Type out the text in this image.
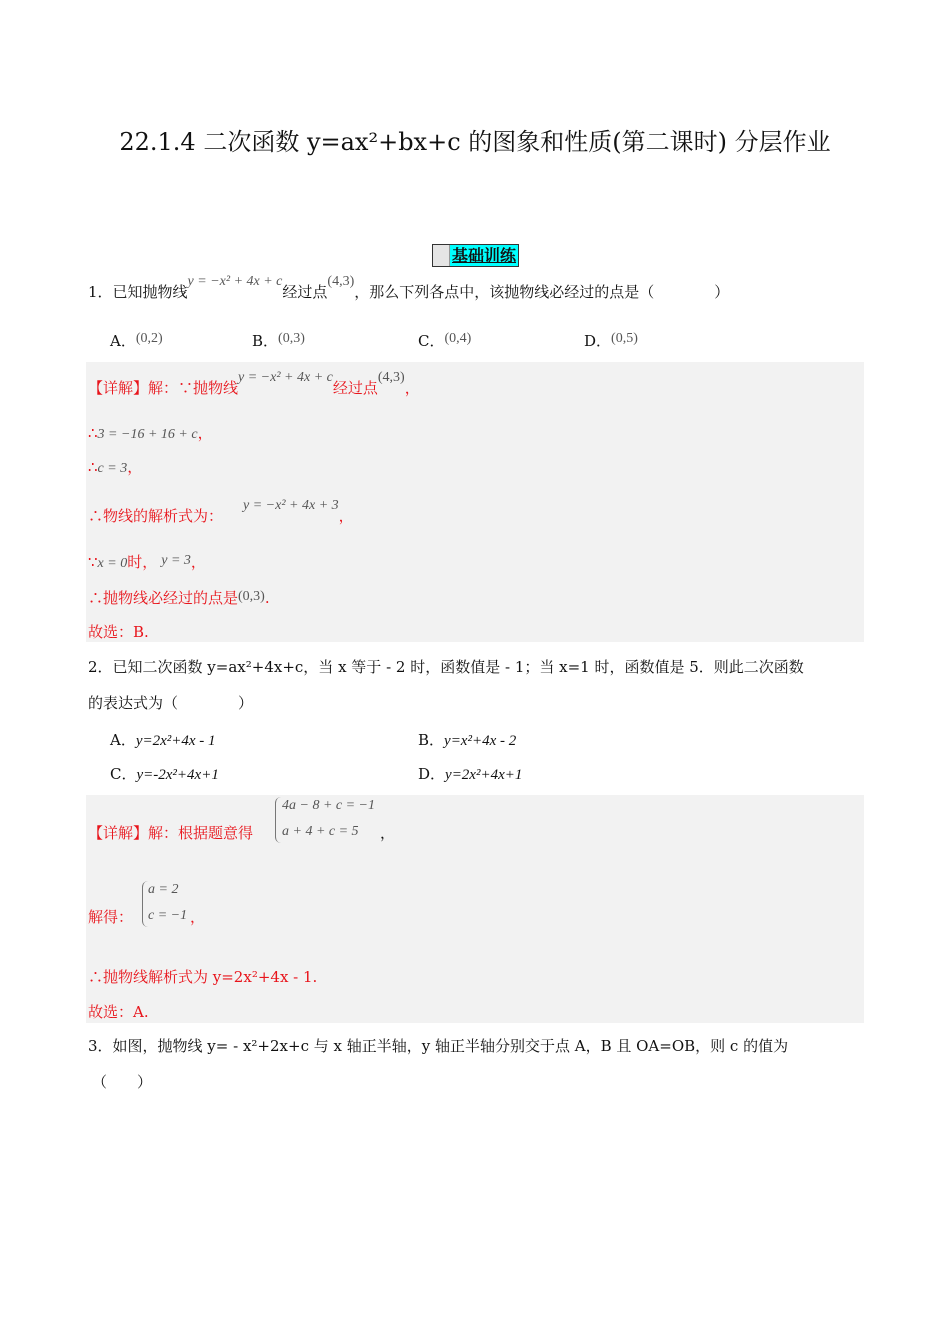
22.1.4 二次函数 y=ax²+bx+c 的图象和性质(第二课时) 分层作业
基础训练
1．已知抛物线y = −x² + 4x + c经过点(4,3)，那么下列各点中，该抛物线必经过的点是（　　　　）
A．(0,2)	B．(0,3)	C．(0,4)	D．(0,5)
【详解】解：∵抛物线y = −x² + 4x + c经过点(4,3)，
∴3 = −16 + 16 + c，
∴c = 3，
∴物线的解析式为：y = −x² + 4x + 3，
∵x = 0时， y = 3，
∴抛物线必经过的点是(0,3).
故选：B.
2．已知二次函数 y=ax²+4x+c，当 x 等于 - 2 时，函数值是 - 1；当 x=1 时，函数值是 5．则此二次函数
的表达式为（　　　　）
A．y=2x²+4x - 1	B．y=x²+4x - 2
C．y=-2x²+4x+1	D．y=2x²+4x+1
【详解】解：根据题意得
4a − 8 + c = −1
a + 4 + c = 5 ，
解得：
a = 2
c = −1 ，
∴抛物线解析式为 y=2x²+4x - 1.
故选：A.
3．如图，抛物线 y= - x²+2x+c 与 x 轴正半轴，y 轴正半轴分别交于点 A，B 且 OA=OB，则 c 的值为
（　　）
